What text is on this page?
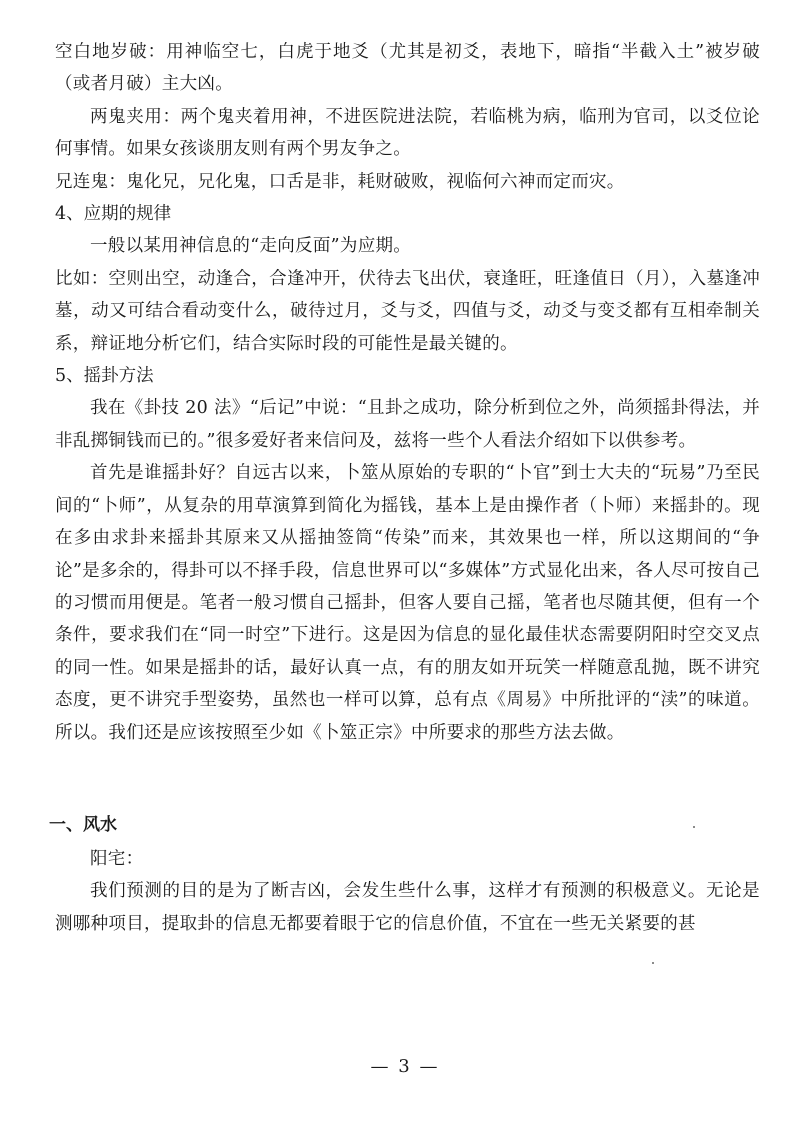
空白地岁破：用神临空七，白虎于地爻（尤其是初爻，表地下，暗指“半截入土”被岁破（或者月破）主大凶。

两鬼夹用：两个鬼夹着用神，不进医院进法院，若临桃为病，临刑为官司，以爻位论何事情。如果女孩谈朋友则有两个男友争之。

兄连鬼：鬼化兄，兄化鬼，口舌是非，耗财破败，视临何六神而定而灾。

4、应期的规律

一般以某用神信息的“走向反面”为应期。

比如：空则出空，动逢合，合逢冲开，伏待去飞出伏，衰逢旺，旺逢值日（月），入墓逢冲墓，动又可结合看动变什么，破待过月，爻与爻，四值与爻，动爻与变爻都有互相牵制关系，辩证地分析它们，结合实际时段的可能性是最关键的。

5、摇卦方法

我在《卦技 20 法》“后记”中说：“且卦之成功，除分析到位之外，尚须摇卦得法，并非乱掷铜钱而已的。”很多爱好者来信问及，兹将一些个人看法介绍如下以供参考。

首先是谁摇卦好？自远古以来，卜筮从原始的专职的“卜官”到士大夫的“玩易”乃至民间的“卜师”，从复杂的用草演算到简化为摇钱，基本上是由操作者（卜师）来摇卦的。现在多由求卦来摇卦其原来又从摇抽签筒“传染”而来，其效果也一样，所以这期间的“争论”是多余的，得卦可以不择手段，信息世界可以“多媒体”方式显化出来，各人尽可按自己的习惯而用便是。笔者一般习惯自己摇卦，但客人要自己摇，笔者也尽随其便，但有一个条件，要求我们在“同一时空”下进行。这是因为信息的显化最佳状态需要阴阳时空交叉点的同一性。如果是摇卦的话，最好认真一点，有的朋友如开玩笑一样随意乱抛，既不讲究态度，更不讲究手型姿势，虽然也一样可以算，总有点《周易》中所批评的“渎”的味道。所以。我们还是应该按照至少如《卜筮正宗》中所要求的那些方法去做。

一、风水

阳宅：

我们预测的目的是为了断吉凶，会发生些什么事，这样才有预测的积极意义。无论是测哪种项目，提取卦的信息无都要着眼于它的信息价值，不宜在一些无关紧要的甚

— 3 —
